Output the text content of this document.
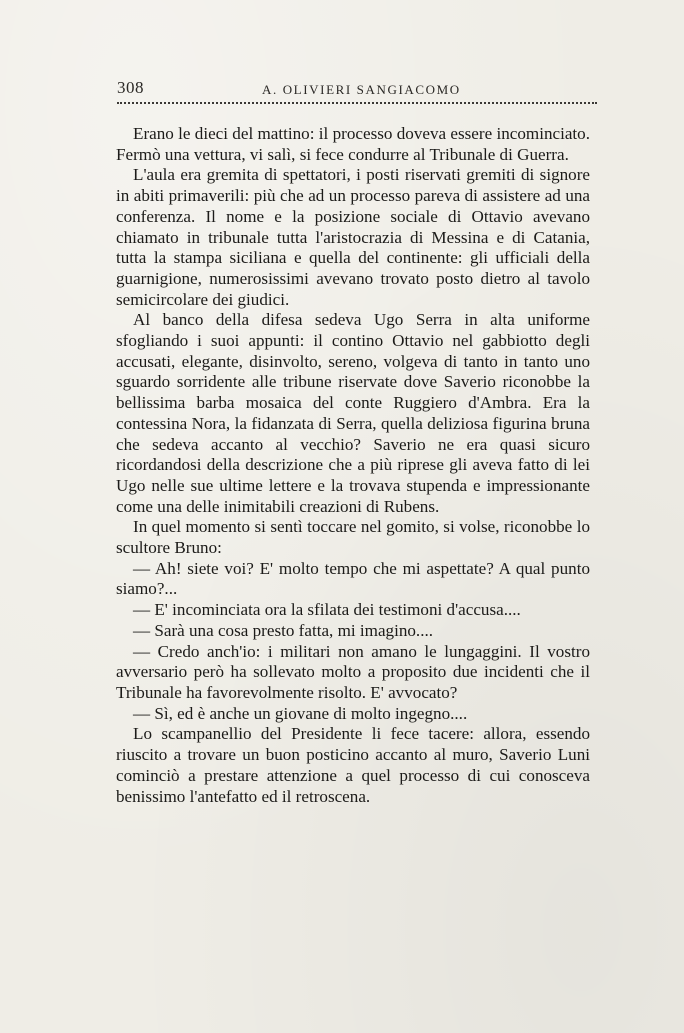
308	A. OLIVIERI SANGIACOMO

Erano le dieci del mattino: il processo doveva essere incominciato. Fermò una vettura, vi salì, si fece condurre al Tribunale di Guerra.

L'aula era gremita di spettatori, i posti riservati gremiti di signore in abiti primaverili: più che ad un processo pareva di assistere ad una conferenza. Il nome e la posizione sociale di Ottavio avevano chiamato in tribunale tutta l'aristocrazia di Messina e di Catania, tutta la stampa siciliana e quella del continente: gli ufficiali della guarnigione, numerosissimi avevano trovato posto dietro al tavolo semicircolare dei giudici.

Al banco della difesa sedeva Ugo Serra in alta uniforme sfogliando i suoi appunti: il contino Ottavio nel gabbiotto degli accusati, elegante, disinvolto, sereno, volgeva di tanto in tanto uno sguardo sorridente alle tribune riservate dove Saverio riconobbe la bellissima barba mosaica del conte Ruggiero d'Ambra. Era la contessina Nora, la fidanzata di Serra, quella deliziosa figurina bruna che sedeva accanto al vecchio? Saverio ne era quasi sicuro ricordandosi della descrizione che a più riprese gli aveva fatto di lei Ugo nelle sue ultime lettere e la trovava stupenda e impressionante come una delle inimitabili creazioni di Rubens.

In quel momento si sentì toccare nel gomito, si volse, riconobbe lo scultore Bruno:

— Ah! siete voi? E' molto tempo che mi aspettate? A qual punto siamo?...

— E' incominciata ora la sfilata dei testimoni d'accusa....

— Sarà una cosa presto fatta, mi imagino....

— Credo anch'io: i militari non amano le lungaggini. Il vostro avversario però ha sollevato molto a proposito due incidenti che il Tribunale ha favorevolmente risolto. E' avvocato?

— Sì, ed è anche un giovane di molto ingegno....

Lo scampanellio del Presidente li fece tacere: allora, essendo riuscito a trovare un buon posticino accanto al muro, Saverio Luni cominciò a prestare attenzione a quel processo di cui conosceva benissimo l'antefatto ed il retroscena.
